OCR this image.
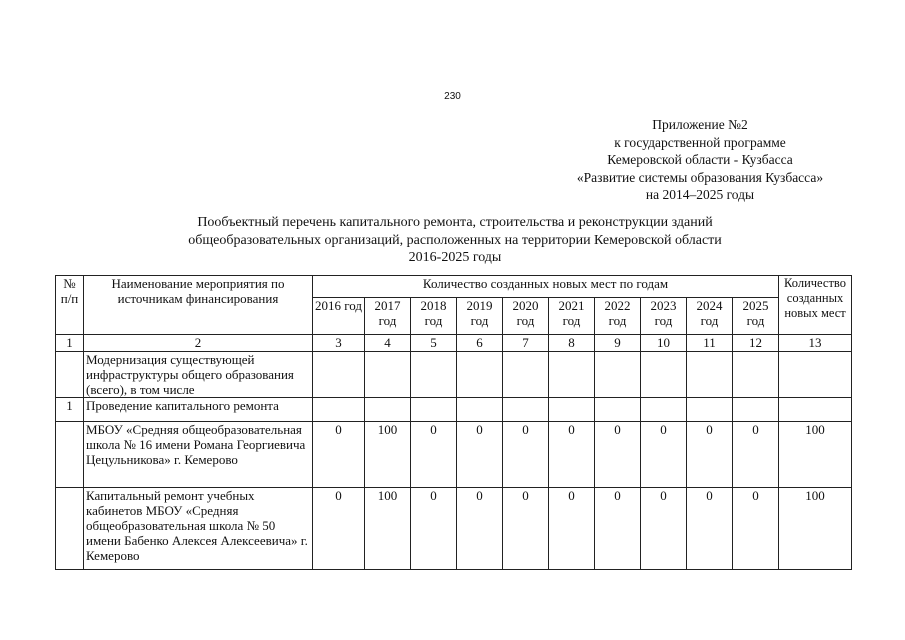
230
Приложение №2
к государственной программе
Кемеровской области - Кузбасса
«Развитие системы образования Кузбасса»
на 2014–2025 годы
Пообъектный перечень капитального ремонта, строительства и реконструкции зданий
общеобразовательных организаций, расположенных на территории Кемеровской области
2016-2025 годы
№ п/п	Наименование мероприятия по источникам финансирования	Количество созданных новых мест по годам										Количество созданных новых мест
		2016 год	2017 год	2018 год	2019 год	2020 год	2021 год	2022 год	2023 год	2024 год	2025 год	
1	2	3	4	5	6	7	8	9	10	11	12	13
	Модернизация существующей инфраструктуры общего образования (всего), в том числе											
1	Проведение капитального ремонта											
	МБОУ «Средняя общеобразовательная школа № 16 имени Романа Георгиевича Цецульникова» г. Кемерово	0	100	0	0	0	0	0	0	0	0	100
	Капитальный ремонт учебных кабинетов МБОУ «Средняя общеобразовательная школа № 50 имени Бабенко Алексея Алексеевича» г. Кемерово	0	100	0	0	0	0	0	0	0	0	100
